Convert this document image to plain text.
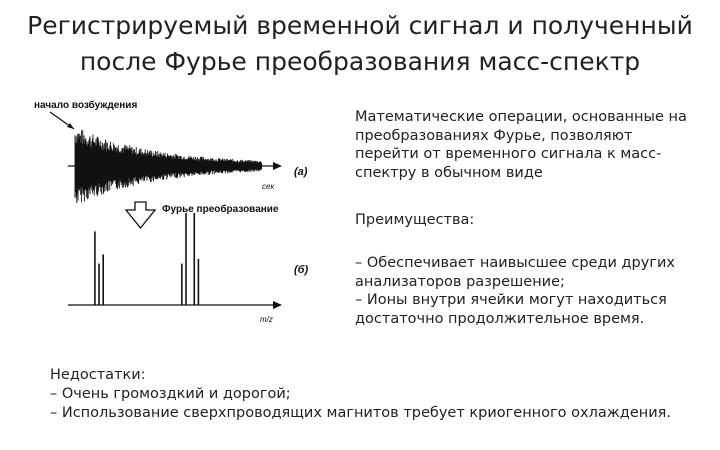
Регистрируемый временной сигнал и полученный
после Фурье преобразования масс-спектр
начало возбуждения
сек
(а)
Фурье преобразование
m/z
(б)

Математические операции, основанные на преобразованиях Фурье, позволяют перейти от временного сигнала к масс-спектру в обычном виде

Преимущества:
– Обеспечивает наивысшее среди других анализаторов разрешение;
– Ионы внутри ячейки могут находиться достаточно продолжительное время.
Недостатки:
– Очень громоздкий и дорогой;
– Использование сверхпроводящих магнитов требует криогенного охлаждения.
